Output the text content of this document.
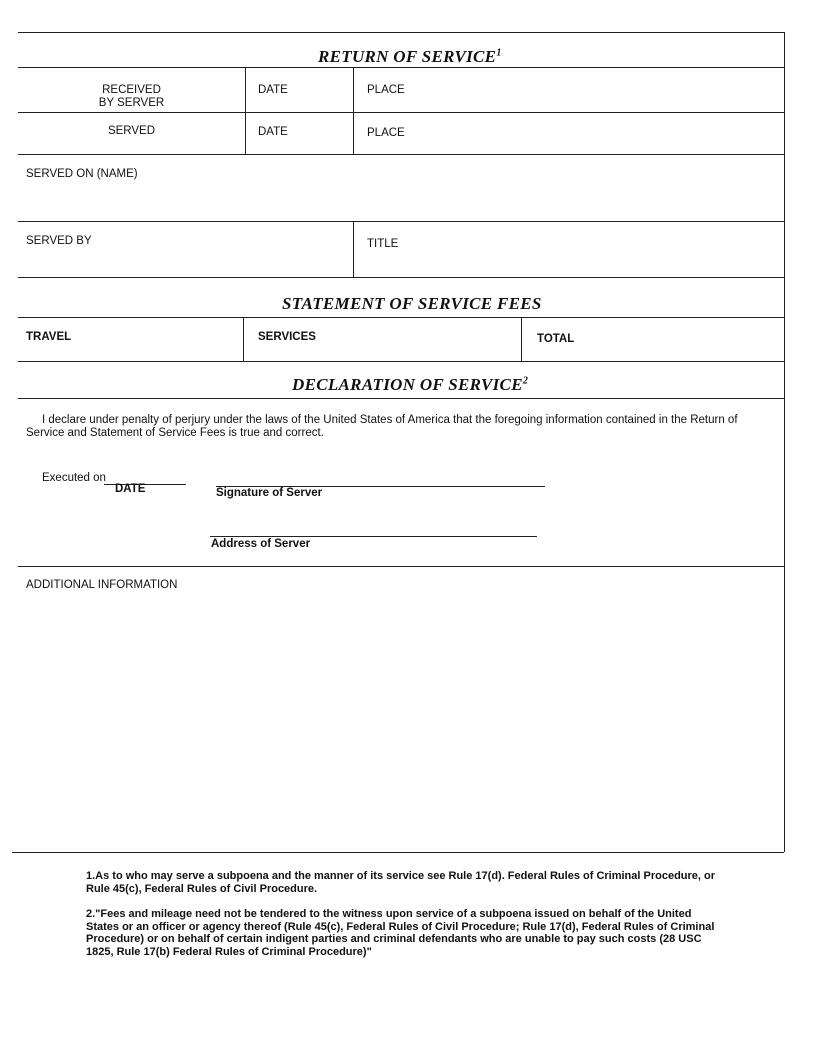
RETURN OF SERVICE$^1$
RECEIVED
BY SERVER
DATE	PLACE
SERVED	DATE	PLACE
SERVED ON (NAME)
SERVED BY	TITLE
STATEMENT OF SERVICE FEES
TRAVEL	SERVICES	TOTAL
DECLARATION OF SERVICE$^2$
I declare under penalty of perjury under the laws of the United States of America that the foregoing information contained in the Return of Service and Statement of Service Fees is true and correct.
Executed on
DATE	Signature of Server
Address of Server
ADDITIONAL INFORMATION
1.As to who may serve a subpoena and the manner of its service see Rule 17(d). Federal Rules of Criminal Procedure, or Rule 45(c), Federal Rules of Civil Procedure.
2."Fees and mileage need not be tendered to the witness upon service of a subpoena issued on behalf of the United States or an officer or agency thereof (Rule 45(c), Federal Rules of Civil Procedure; Rule 17(d), Federal Rules of Criminal Procedure) or on behalf of certain indigent parties and criminal defendants who are unable to pay such costs (28 USC 1825, Rule 17(b) Federal Rules of Criminal Procedure)"
